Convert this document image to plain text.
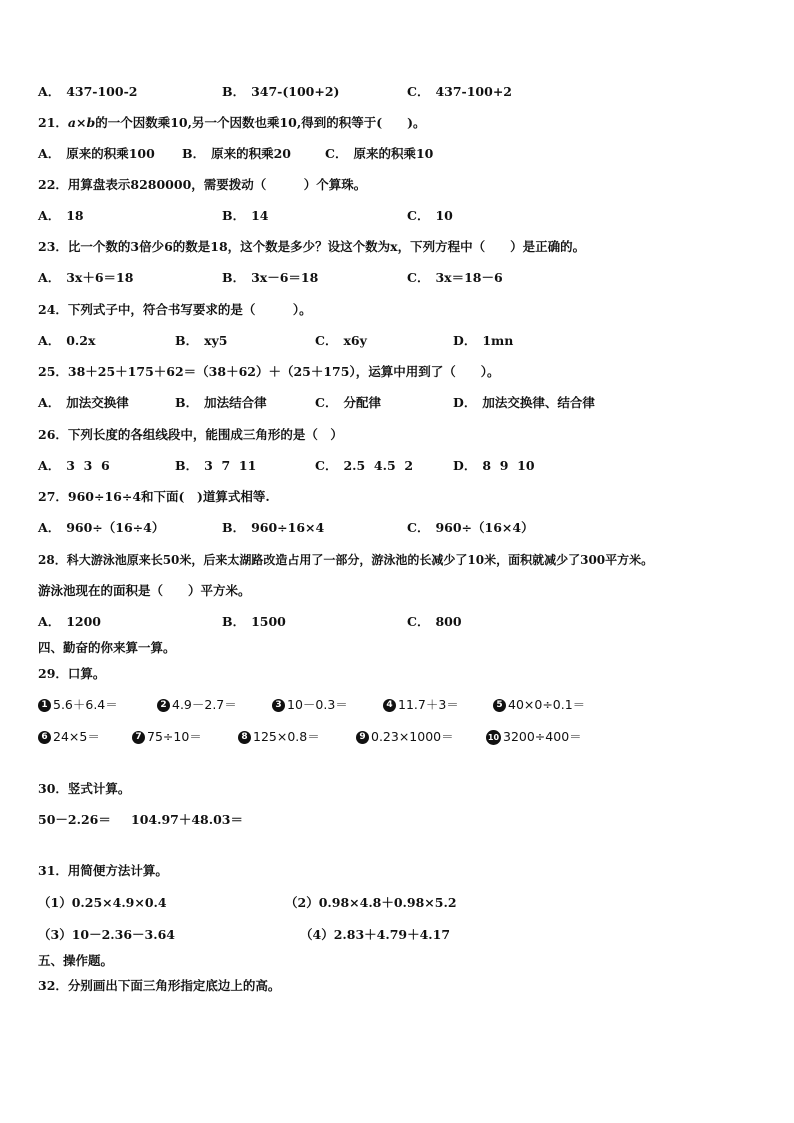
A． 437-100-2	B． 347-(100+2)	C． 437-100+2
21．a×b的一个因数乘10,另一个因数也乘10,得到的积等于(　　)。
A． 原来的积乘100 B． 原来的积乘20	C． 原来的积乘10
22．用算盘表示8280000，需要拨动（　　　）个算珠。
A． 18	B． 14	C． 10
23．比一个数的3倍少6的数是18，这个数是多少？设这个数为x，下列方程中（　　）是正确的。
A． 3x＋6＝18	B． 3x－6＝18	C． 3x＝18－6
24．下列式子中，符合书写要求的是（　　　）。
A． 0.2x	B． xy5	C． x6y	D． 1mn
25．38＋25＋175＋62＝（38＋62）＋（25＋175），运算中用到了（　　）。
A． 加法交换律	B． 加法结合律	C． 分配律	D． 加法交换律、结合律
26．下列长度的各组线段中，能围成三角形的是（　）
A． 3  3  6	B． 3  7  11	C． 2.5  4.5  2	D． 8  9  10
27．960÷16÷4和下面(　)道算式相等.
A． 960÷（16÷4）	B． 960÷16×4	C． 960÷（16×4）
28．科大游泳池原来长50米，后来太湖路改造占用了一部分，游泳池的长减少了10米，面积就减少了300平方米。
游泳池现在的面积是（　　）平方米。
A． 1200	B． 1500	C． 800
四、勤奋的你来算一算。
29．口算。
1 5.6＋6.4＝	2 4.9－2.7＝	3 10－0.3＝	4 11.7＋3＝	5 40×0÷0.1＝
6 24×5＝	7 75÷10＝	8 125×0.8＝	9 0.23×1000＝	10 3200÷400＝
30．竖式计算。
50－2.26＝ 104.97＋48.03＝
31．用简便方法计算。
（1）0.25×4.9×0.4	（2）0.98×4.8＋0.98×5.2
（3）10－2.36－3.64	（4）2.83＋4.79＋4.17
五、操作题。
32．分别画出下面三角形指定底边上的高。
